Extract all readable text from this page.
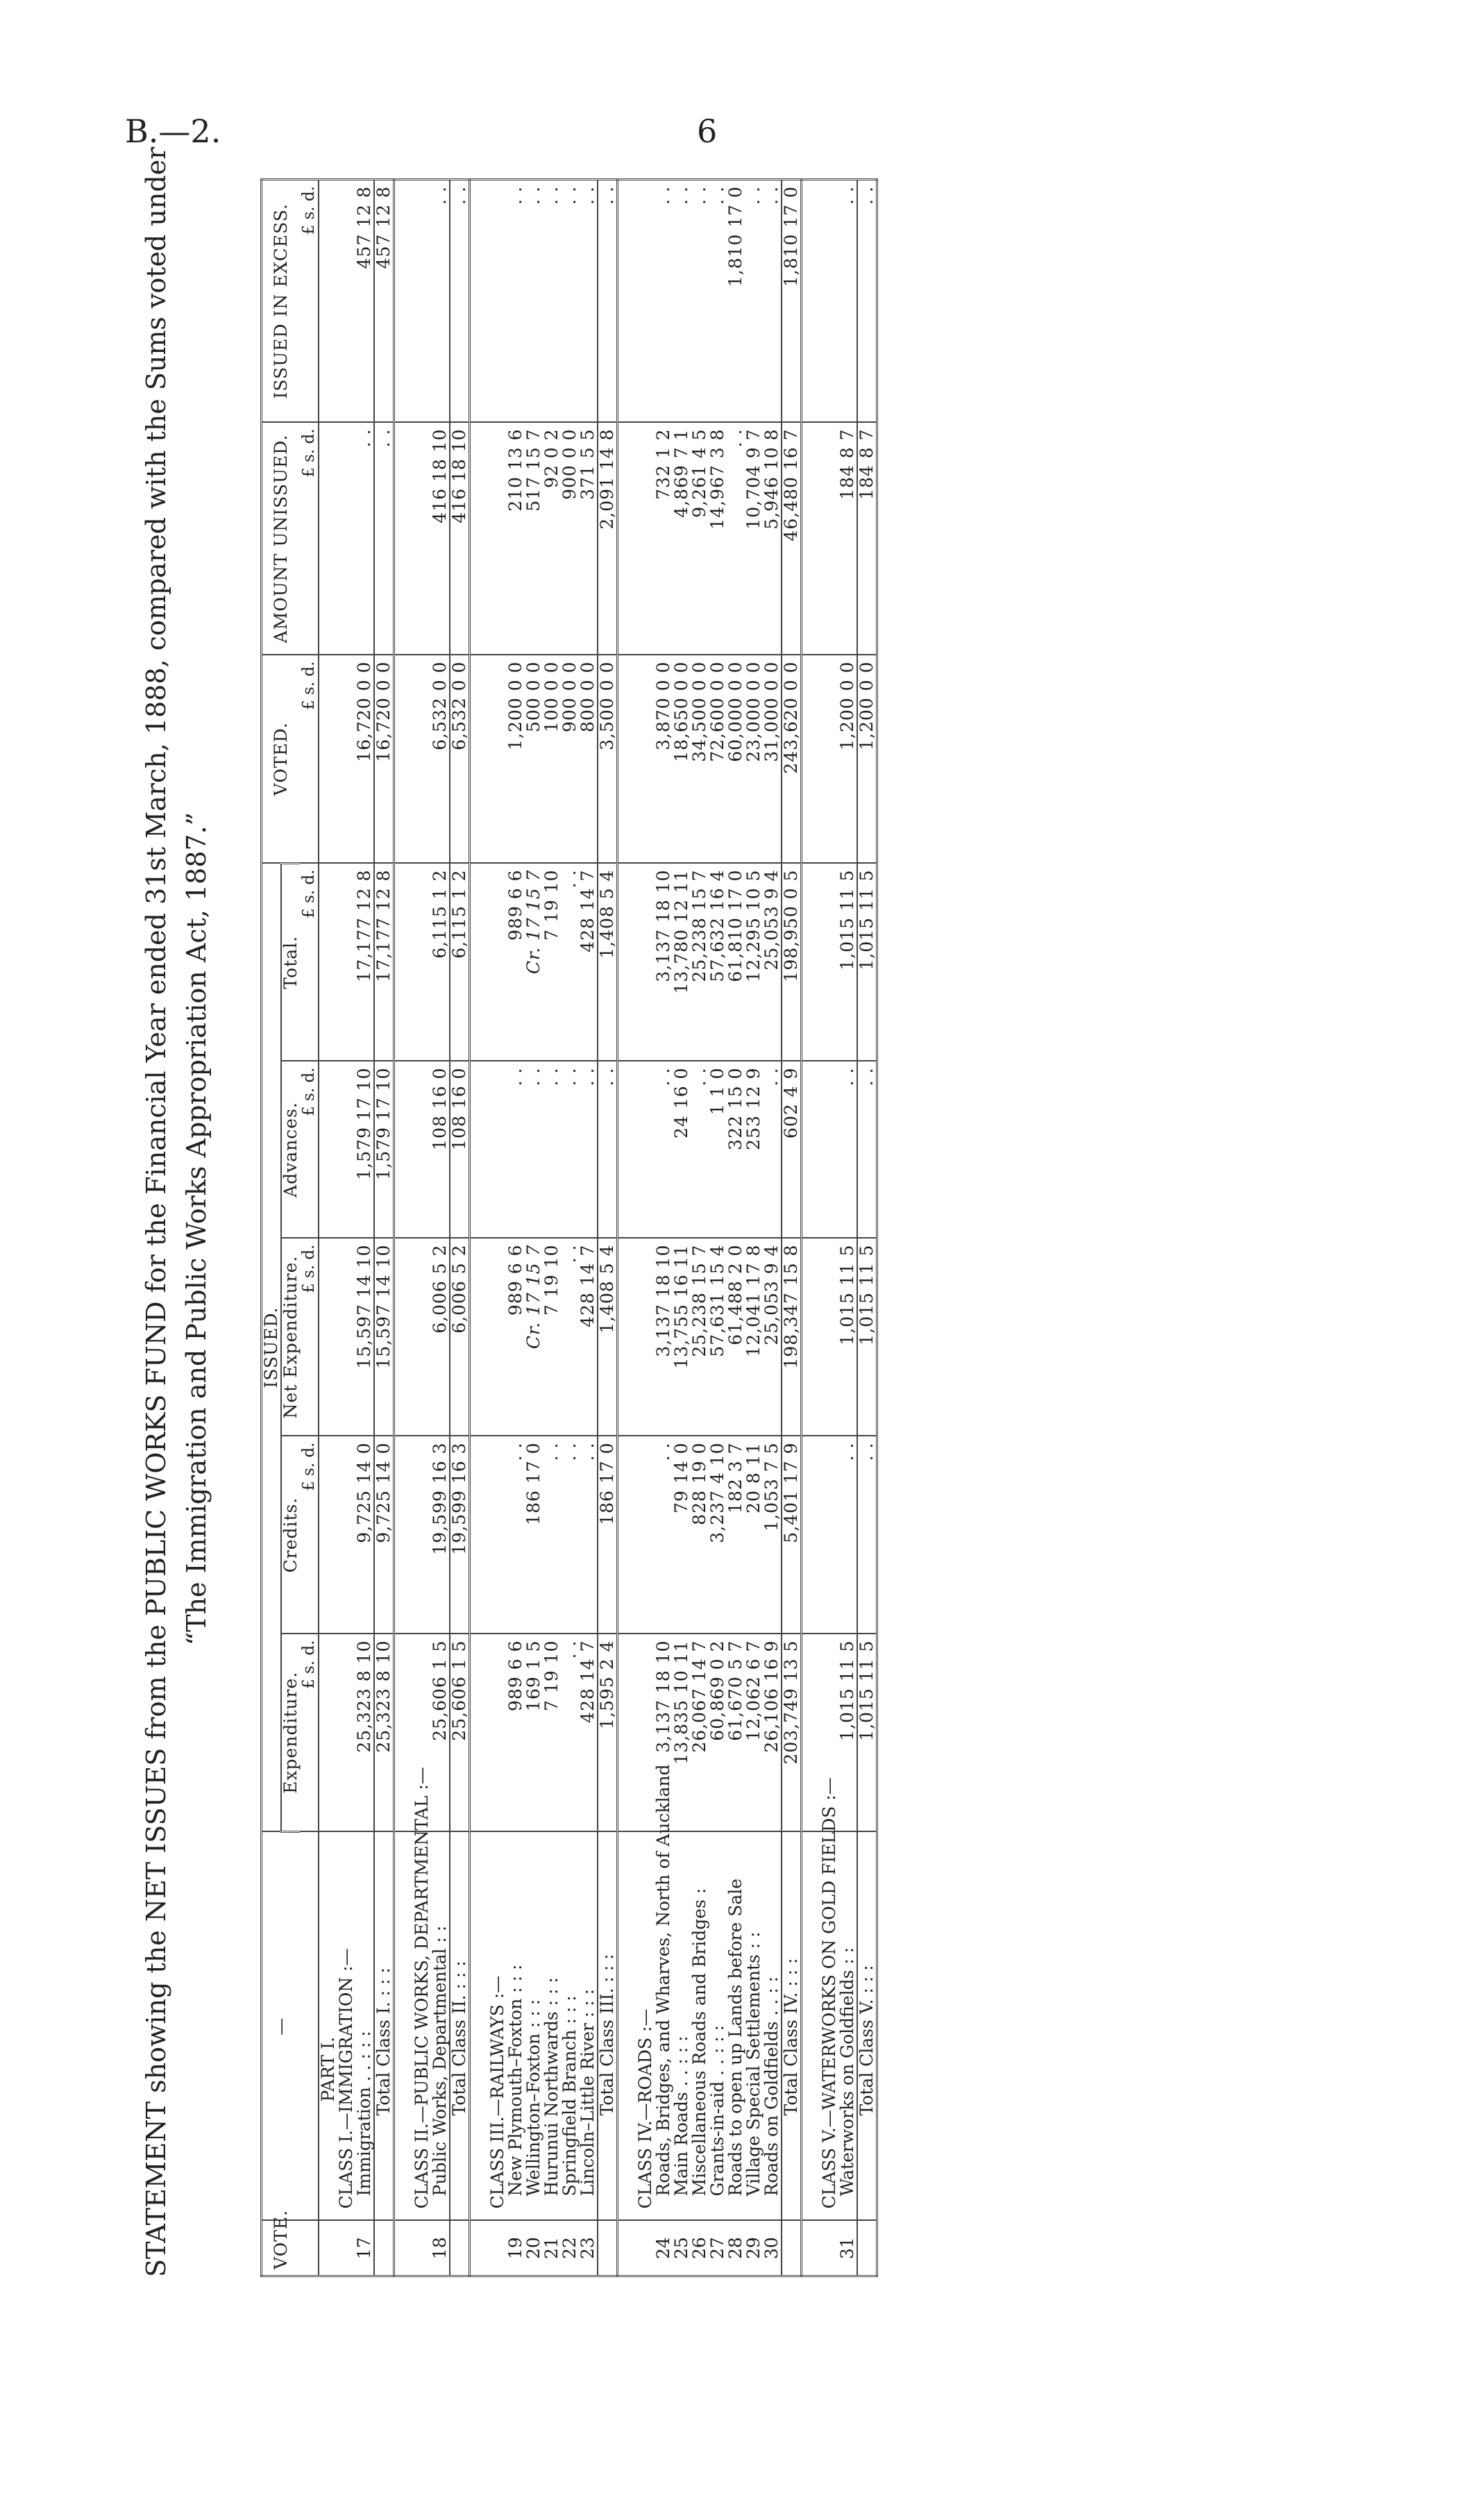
B.—2.	6
STATEMENT showing the NET ISSUES from the PUBLIC WORKS FUND for the Financial Year ended 31st March, 1888, compared with the Sums voted under “The Immigration and Public Works Appropriation Act, 1887.”
VOTE.	—	ISSUED.					VOTED.	AMOUNT UNISSUED.	ISSUED IN EXCESS.
		Expenditure.	Credits.	Net Expenditure.	Advances.	Total.			
		£ s. d.	£ s. d.	£ s. d.	£ s. d.	£ s. d.	£ s. d.	£ s. d.	£ s. d.
	PART I.								
	CLASS I.—IMMIGRATION :—								
17	Immigration . . : : :	25,323 8 10	9,725 14 0	15,597 14 10	1,579 17 10	17,177 12 8	16,720 0 0	. .	457 12 8
	Total Class I. : : :	25,323 8 10	9,725 14 0	15,597 14 10	1,579 17 10	17,177 12 8	16,720 0 0	. .	457 12 8

	CLASS II.—PUBLIC WORKS, DEPARTMENTAL :—								
18	Public Works, Departmental : :	25,606 1 5	19,599 16 3	6,006 5 2	108 16 0	6,115 1 2	6,532 0 0	416 18 10	. .
	Total Class II. : : :	25,606 1 5	19,599 16 3	6,006 5 2	108 16 0	6,115 1 2	6,532 0 0	416 18 10	. .

	CLASS III.—RAILWAYS :—								
19	New Plymouth–Foxton : : :	989 6 6	. .	989 6 6	. .	989 6 6	1,200 0 0	210 13 6	. .
20	Wellington–Foxton : : :	169 1 5	186 17 0	Cr. 17 15 7	. .	Cr. 17 15 7	500 0 0	517 15 7	. .
21	Hurunui Northwards : : :	7 19 10	. .	7 19 10	. .	7 19 10	100 0 0	92 0 2	. .
22	Springfield Branch : : :	. .	. .	. .	. .	. .	900 0 0	900 0 0	. .
23	Lincoln–Little River : : :	428 14 7	. .	428 14 7	. .	428 14 7	800 0 0	371 5 5	. .
	Total Class III. : : :	1,595 2 4	186 17 0	1,408 5 4	. .	1,408 5 4	3,500 0 0	2,091 14 8	. .

	CLASS IV.—ROADS :—								
24	Roads, Bridges, and Wharves, North of Auckland	3,137 18 10	. .	3,137 18 10	. .	3,137 18 10	3,870 0 0	732 1 2	. .
25	Main Roads . . : : :	13,835 10 11	79 14 0	13,755 16 11	24 16 0	13,780 12 11	18,650 0 0	4,869 7 1	. .
26	Miscellaneous Roads and Bridges :	26,067 14 7	828 19 0	25,238 15 7	. .	25,238 15 7	34,500 0 0	9,261 4 5	. .
27	Grants-in-aid . . : : :	60,869 0 2	3,237 4 10	57,631 15 4	1 1 0	57,632 16 4	72,600 0 0	14,967 3 8	. .
28	Roads to open up Lands before Sale	61,670 5 7	182 3 7	61,488 2 0	322 15 0	61,810 17 0	60,000 0 0	. .	1,810 17 0
29	Village Special Settlements : :	12,062 6 7	20 8 11	12,041 17 8	253 12 9	12,295 10 5	23,000 0 0	10,704 9 7	. .
30	Roads on Goldfields . . : :	26,106 16 9	1,053 7 5	25,053 9 4	. .	25,053 9 4	31,000 0 0	5,946 10 8	. .
	Total Class IV. : : :	203,749 13 5	5,401 17 9	198,347 15 8	602 4 9	198,950 0 5	243,620 0 0	46,480 16 7	1,810 17 0

	CLASS V.—WATERWORKS ON GOLD FIELDS :—								
31	Waterworks on Goldfields : :	1,015 11 5	. .	1,015 11 5	. .	1,015 11 5	1,200 0 0	184 8 7	. .
	Total Class V. : : :	1,015 11 5	. .	1,015 11 5	. .	1,015 11 5	1,200 0 0	184 8 7	. .
